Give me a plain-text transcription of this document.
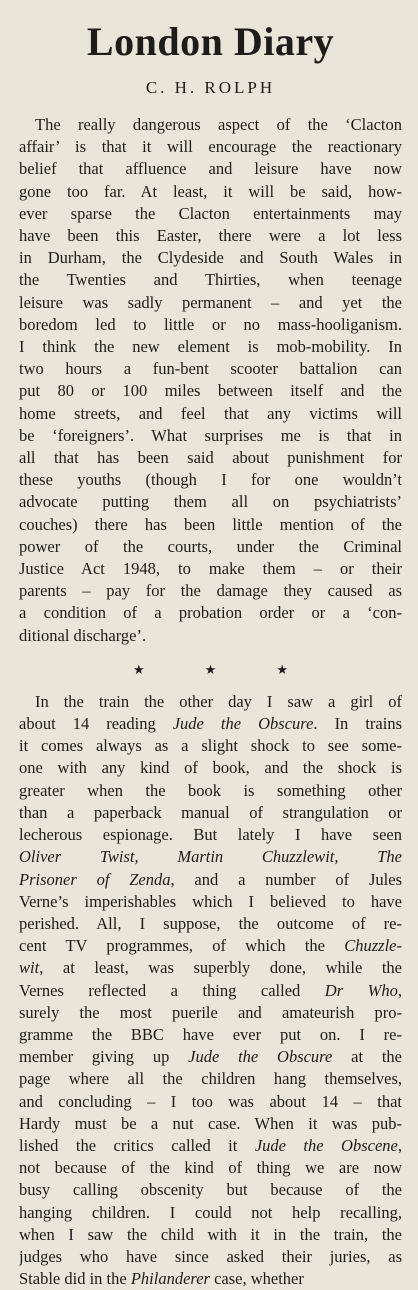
London Diary
C. H. ROLPH
The really dangerous aspect of the ‘Clacton
affair’ is that it will encourage the reactionary
belief that affluence and leisure have now
gone too far. At least, it will be said, how-
ever sparse the Clacton entertainments may
have been this Easter, there were a lot less
in Durham, the Clydeside and South Wales in
the Twenties and Thirties, when teenage
leisure was sadly permanent – and yet the
boredom led to little or no mass-hooliganism.
I think the new element is mob-mobility. In
two hours a fun-bent scooter battalion can
put 80 or 100 miles between itself and the
home streets, and feel that any victims will
be ‘foreigners’. What surprises me is that in
all that has been said about punishment for
these youths (though I for one wouldn’t
advocate putting them all on psychiatrists’
couches) there has been little mention of the
power of the courts, under the Criminal
Justice Act 1948, to make them – or their
parents – pay for the damage they caused as
a condition of a probation order or a ‘con-
ditional discharge’.
★	★	★
In the train the other day I saw a girl of
about 14 reading Jude the Obscure. In trains
it comes always as a slight shock to see some-
one with any kind of book, and the shock is
greater when the book is something other
than a paperback manual of strangulation or
lecherous espionage. But lately I have seen
Oliver Twist, Martin Chuzzlewit, The
Prisoner of Zenda, and a number of Jules
Verne’s imperishables which I believed to have
perished. All, I suppose, the outcome of re-
cent TV programmes, of which the Chuzzle-
wit, at least, was superbly done, while the
Vernes reflected a thing called Dr Who,
surely the most puerile and amateurish pro-
gramme the BBC have ever put on. I re-
member giving up Jude the Obscure at the
page where all the children hang themselves,
and concluding – I too was about 14 – that
Hardy must be a nut case. When it was pub-
lished the critics called it Jude the Obscene,
not because of the kind of thing we are now
busy calling obscenity but because of the
hanging children. I could not help recalling,
when I saw the child with it in the train, the
judges who have since asked their juries, as
Stable did in the Philanderer case, whether
